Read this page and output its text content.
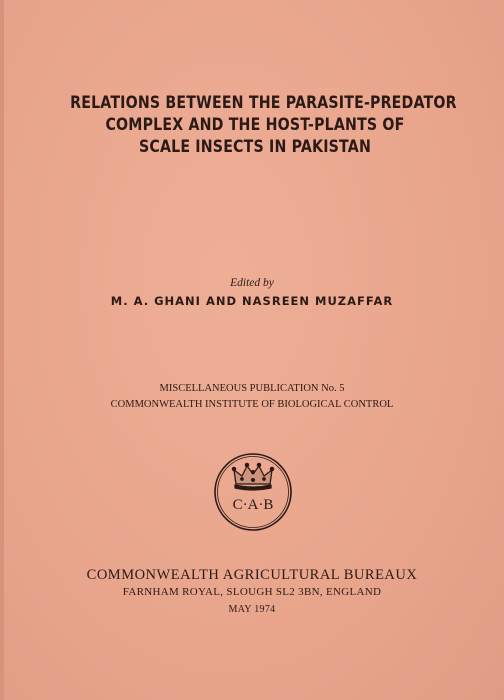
RELATIONS BETWEEN THE PARASITE-PREDATOR
COMPLEX AND THE HOST-PLANTS OF
SCALE INSECTS IN PAKISTAN
Edited by
M. A. GHANI AND NASREEN MUZAFFAR
MISCELLANEOUS PUBLICATION No. 5
COMMONWEALTH INSTITUTE OF BIOLOGICAL CONTROL
C·A·B
COMMONWEALTH AGRICULTURAL BUREAUX
FARNHAM ROYAL, SLOUGH SL2 3BN, ENGLAND
MAY 1974
